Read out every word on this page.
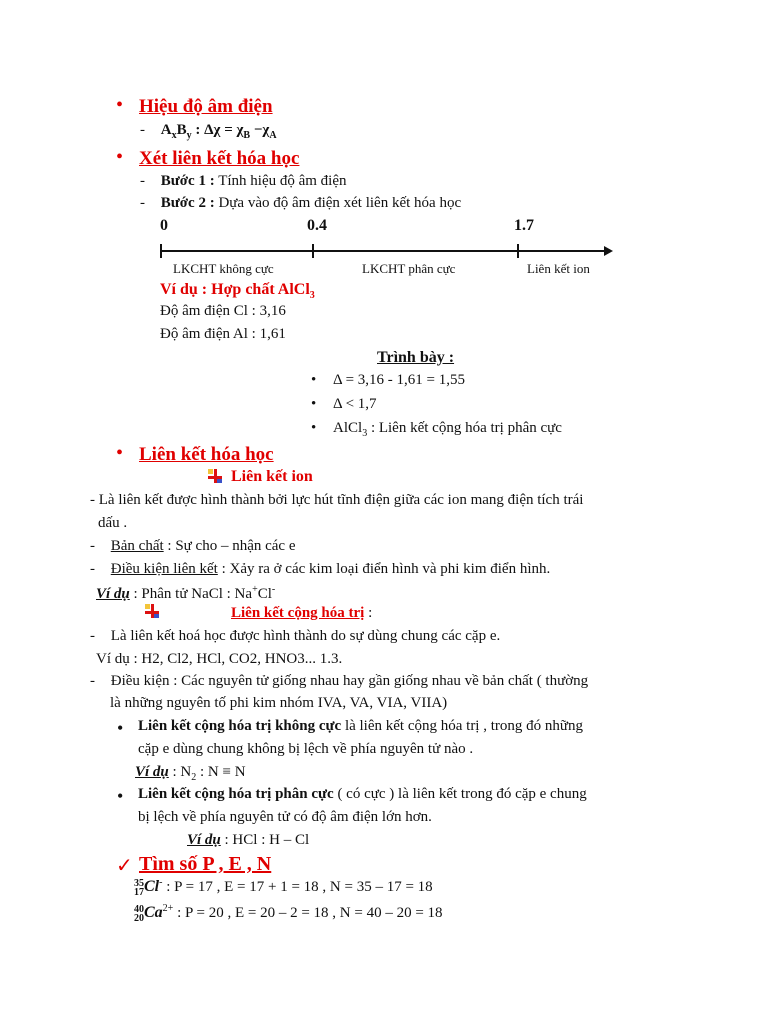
• Hiệu độ âm điện
- $A_xB_y$ : $\Delta\chi = \chi_B -\chi_A$
• Xét liên kết hóa học
- Bước 1 : Tính hiệu độ âm điện
- Bước 2 : Dựa vào độ âm điện xét liên kết hóa học
0	0.4	1.7
LKCHT không cực	LKCHT phân cực	Liên kết ion
Ví dụ : Hợp chất AlCl$_3$
Độ âm điện Cl : 3,16
Độ âm điện Al : 1,61
Trình bày :
• Δ = 3,16 - 1,61 = 1,55
• Δ < 1,7
• AlCl$_3$ : Liên kết cộng hóa trị phân cực
• Liên kết hóa học
Liên kết ion
- Là liên kết được hình thành bởi lực hút tĩnh điện giữa các ion mang điện tích trái
dấu .
- Bản chất : Sự cho – nhận các e
- Điều kiện liên kết : Xảy ra ở các kim loại điển hình và phi kim điển hình.
Ví dụ : Phân tử NaCl : Na+Cl-
Liên kết cộng hóa trị :
- Là liên kết hoá học được hình thành do sự dùng chung các cặp e.
Ví dụ : H2, Cl2, HCl, CO2, HNO3... 1.3.
- Điều kiện : Các nguyên tử giống nhau hay gần giống nhau về bản chất ( thường
là những nguyên tố phi kim nhóm IVA, VA, VIA, VIIA)
• Liên kết cộng hóa trị không cực là liên kết cộng hóa trị , trong đó những
cặp e dùng chung không bị lệch về phía nguyên tử nào .
Ví dụ : $N_2$ : N ≡ N
• Liên kết cộng hóa trị phân cực ( có cực ) là liên kết trong đó cặp e chung
bị lệch về phía nguyên tử có độ âm điện lớn hơn.
Ví dụ : HCl : H – Cl
✓ Tìm số P , E , N
35
17Cl- : P = 17 , E = 17 + 1 = 18 , N = 35 – 17 = 18
40
$20Ca^{2+}$ : P = 20 , E = 20 – 2 = 18 , N = 40 – 20 = 18
